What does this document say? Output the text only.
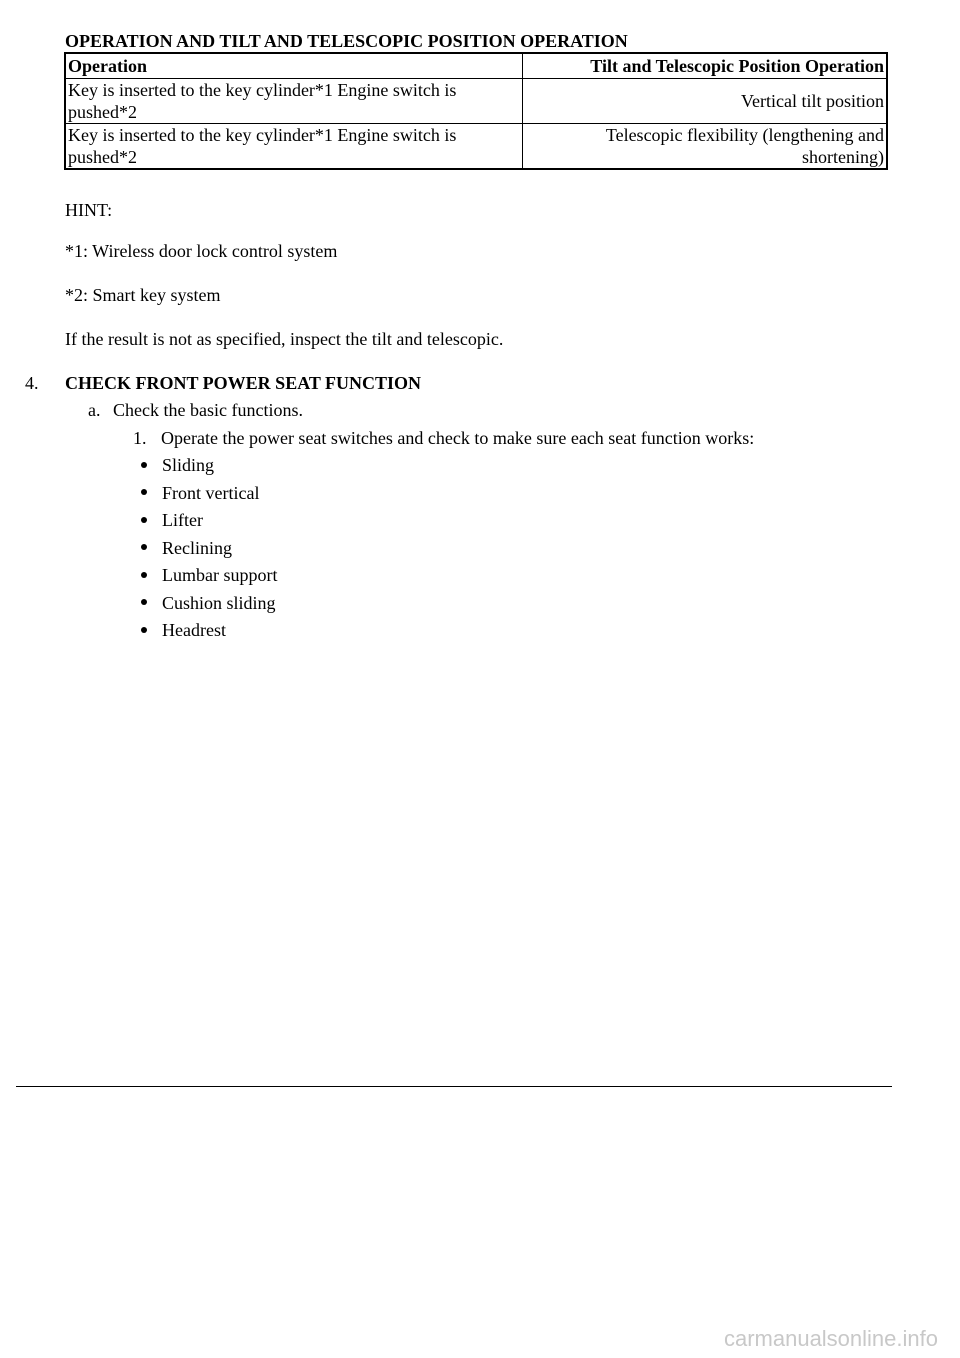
OPERATION AND TILT AND TELESCOPIC POSITION OPERATION
Operation	Tilt and Telescopic Position Operation
Key is inserted to the key cylinder*1 Engine switch is pushed*2	Vertical tilt position
Key is inserted to the key cylinder*1 Engine switch is pushed*2	Telescopic flexibility (lengthening and shortening)
HINT:
*1: Wireless door lock control system
*2: Smart key system
If the result is not as specified, inspect the tilt and telescopic.
4. CHECK FRONT POWER SEAT FUNCTION
a. Check the basic functions.
1. Operate the power seat switches and check to make sure each seat function works:
Sliding
Front vertical
Lifter
Reclining
Lumbar support
Cushion sliding
Headrest
carmanualsonline.info
